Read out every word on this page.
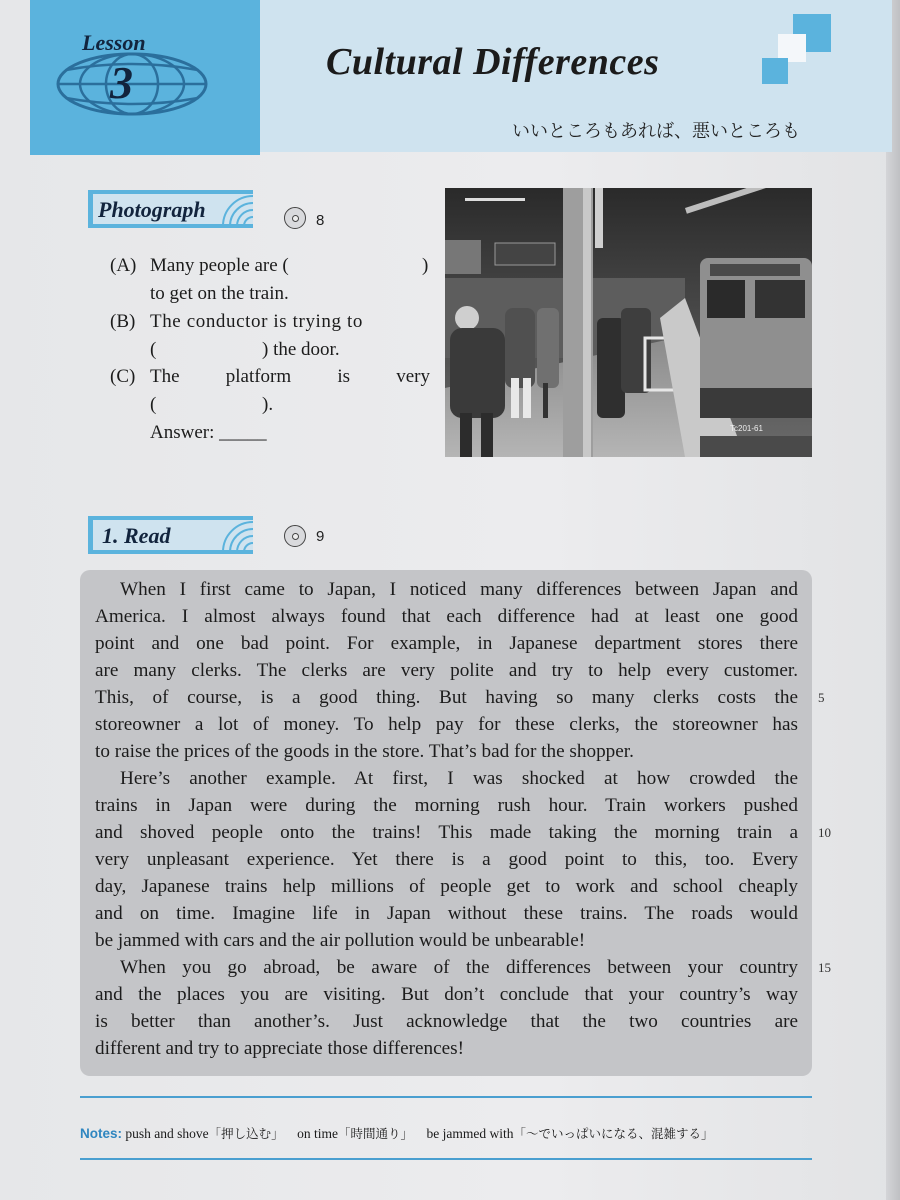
Lesson
3	Cultural Differences
いいところもあれば、悪いところも
Photograph	8
(A) Many people are (	)
to get on the train.
(B) The conductor is trying to
(	) the door.
(C) The platform is very
(	).
Answer: _____	Tc201-61
1. Read	9
When I first came to Japan, I noticed many differences between Japan and
America. I almost always found that each difference had at least one good
point and one bad point. For example, in Japanese department stores there
are many clerks. The clerks are very polite and try to help every customer.
This, of course, is a good thing. But having so many clerks costs the
storeowner a lot of money. To help pay for these clerks, the storeowner has
to raise the prices of the goods in the store. That’s bad for the shopper.
Here’s another example. At first, I was shocked at how crowded the
trains in Japan were during the morning rush hour. Train workers pushed
and shoved people onto the trains! This made taking the morning train a
very unpleasant experience. Yet there is a good point to this, too. Every
day, Japanese trains help millions of people get to work and school cheaply
and on time. Imagine life in Japan without these trains. The roads would
be jammed with cars and the air pollution would be unbearable!
When you go abroad, be aware of the differences between your country
and the places you are visiting. But don’t conclude that your country’s way
is better than another’s. Just acknowledge that the two countries are
different and try to appreciate those differences!
5
10
15
Notes: push and shove「押し込む」 on time「時間通り」 be jammed with「〜でいっぱいになる、混雑する」
